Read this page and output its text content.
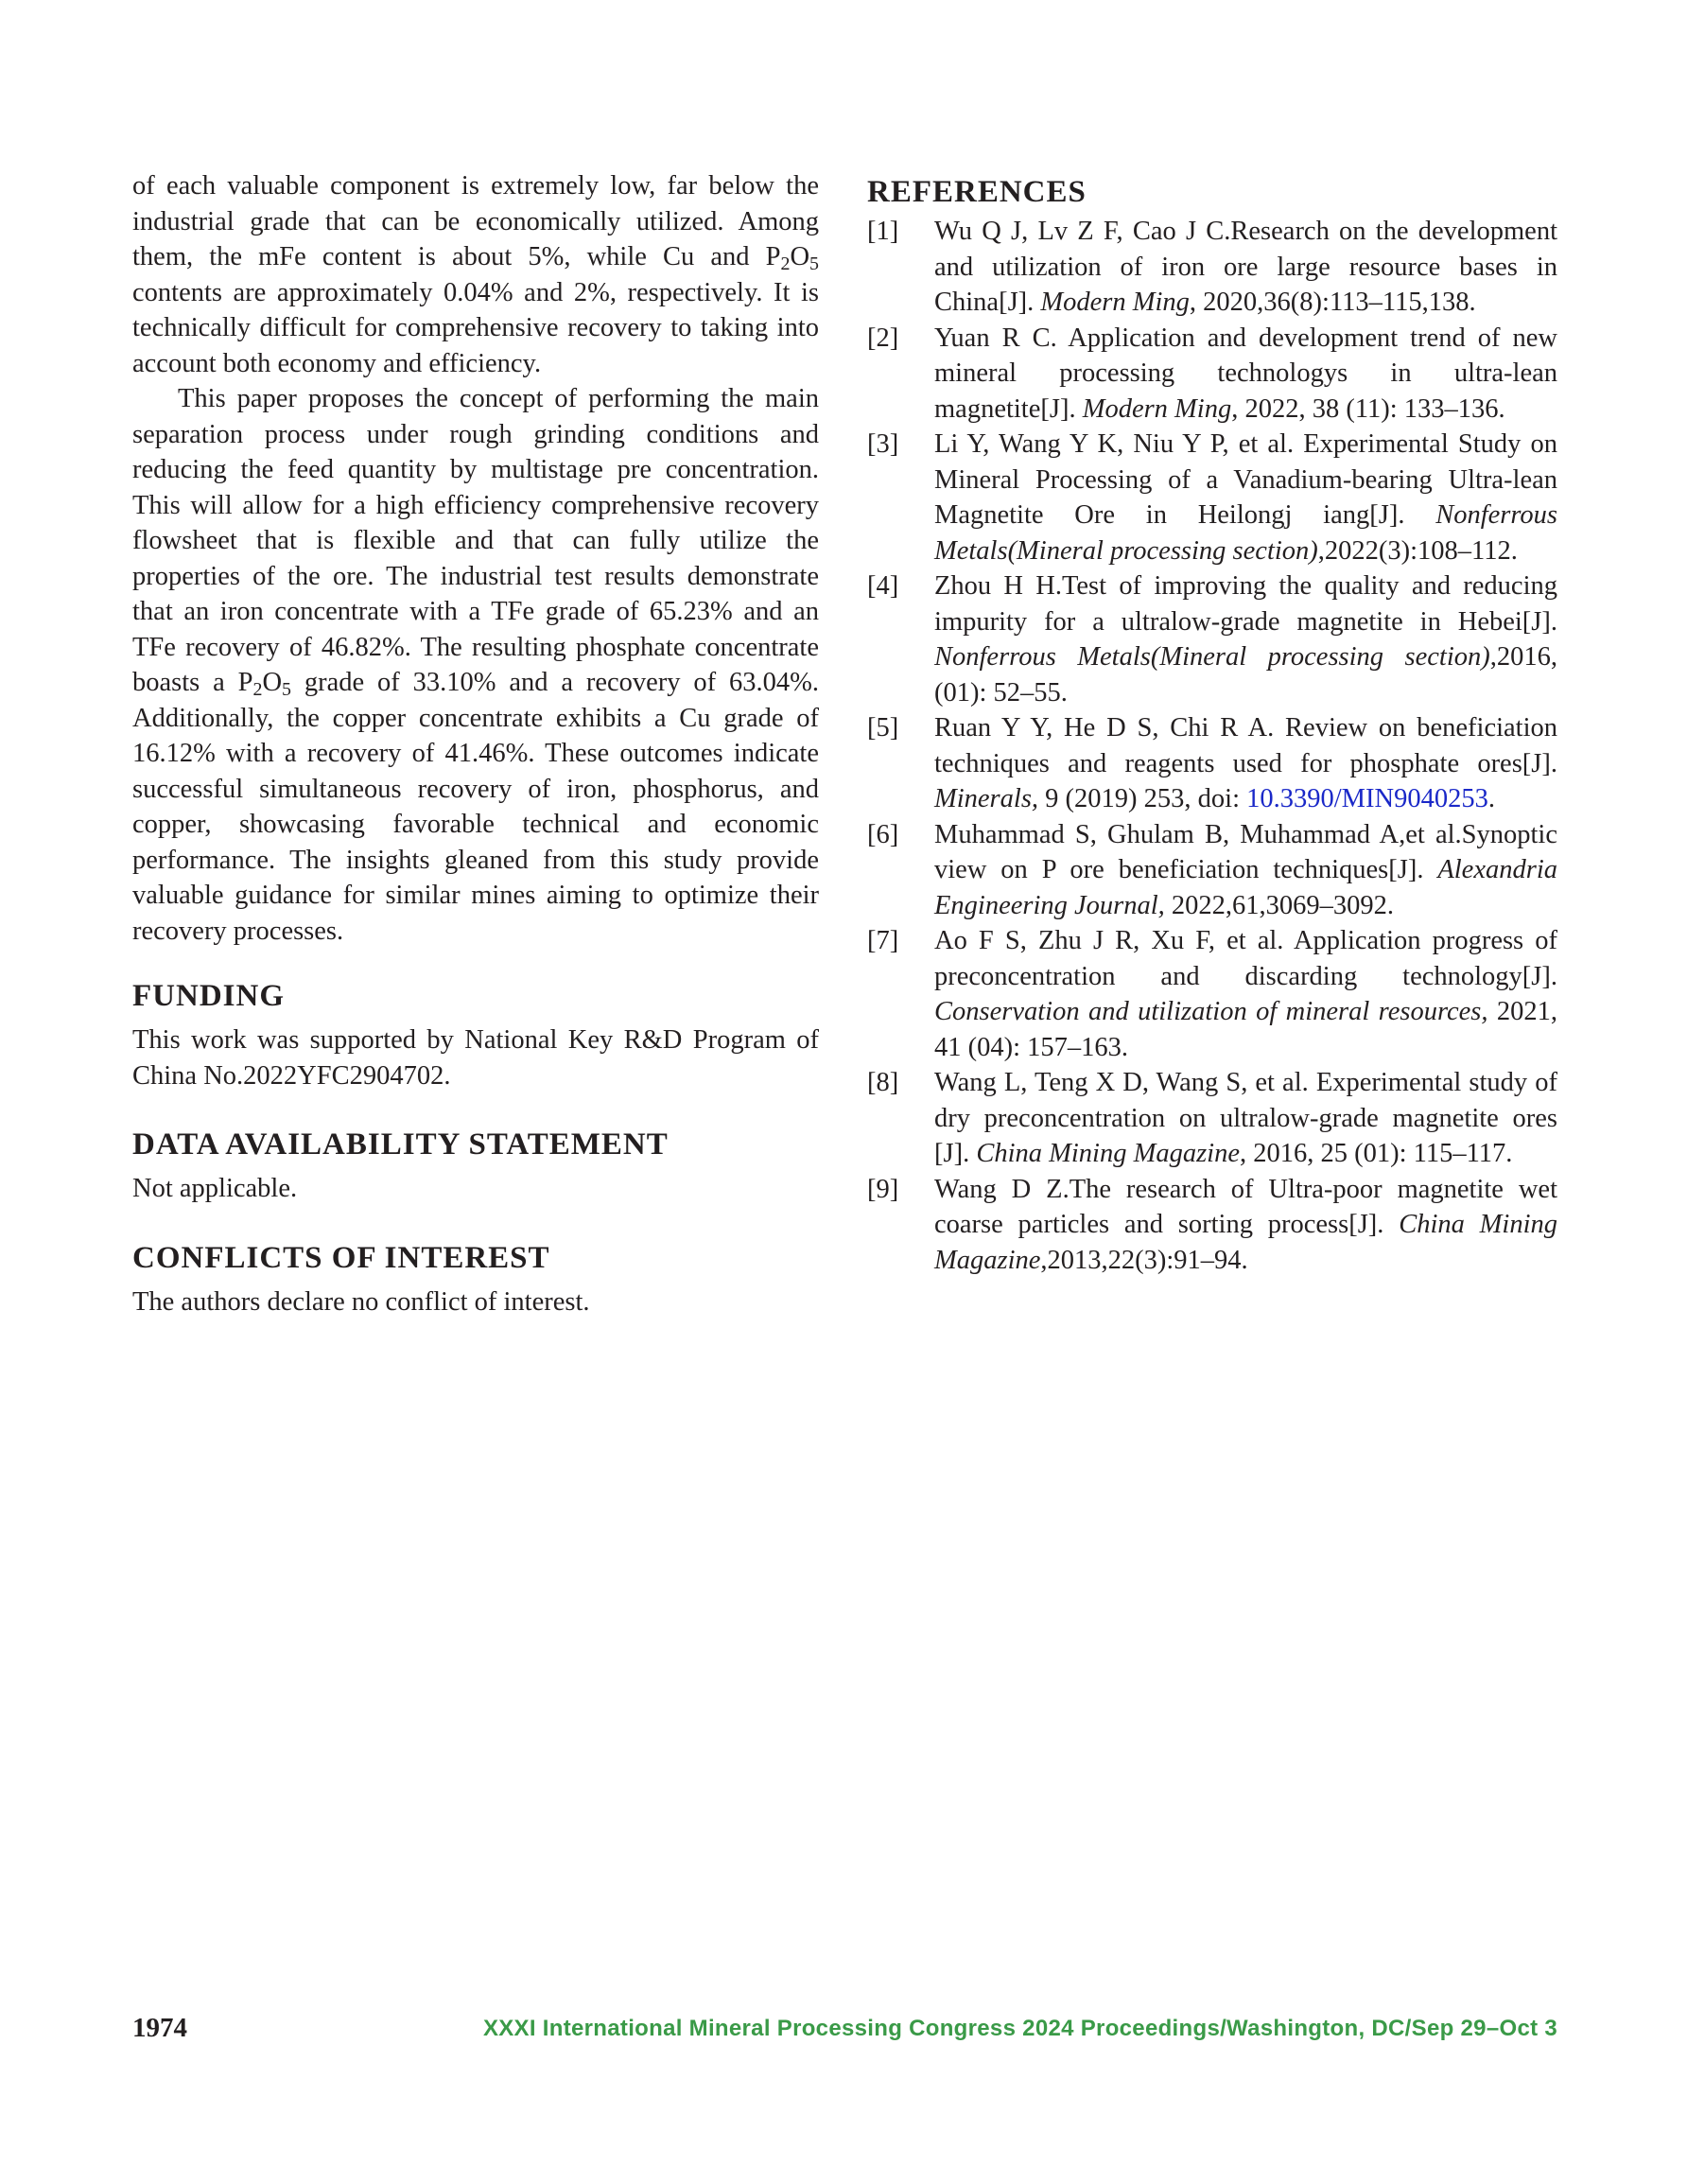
of each valuable component is extremely low, far below the industrial grade that can be economically utilized. Among them, the mFe content is about 5%, while Cu and $P_2O_5$ contents are approximately 0.04% and 2%, respectively. It is technically difficult for comprehensive recovery to taking into account both economy and efficiency.

This paper proposes the concept of performing the main separation process under rough grinding conditions and reducing the feed quantity by multistage pre concentration. This will allow for a high efficiency comprehensive recovery flowsheet that is flexible and that can fully utilize the properties of the ore. The industrial test results demonstrate that an iron concentrate with a TFe grade of 65.23% and an TFe recovery of 46.82%. The resulting phosphate concentrate boasts a $P_2O_5$ grade of 33.10% and a recovery of 63.04%. Additionally, the copper concentrate exhibits a Cu grade of 16.12% with a recovery of 41.46%. These outcomes indicate successful simultaneous recovery of iron, phosphorus, and copper, showcasing favorable technical and economic performance. The insights gleaned from this study provide valuable guidance for similar mines aiming to optimize their recovery processes.

FUNDING

This work was supported by National Key R&D Program of China No.2022YFC2904702.

DATA AVAILABILITY STATEMENT

Not applicable.

CONFLICTS OF INTEREST

The authors declare no conflict of interest.

REFERENCES
[1]	Wu Q J, Lv Z F, Cao J C.Research on the development and utilization of iron ore large resource bases in China[J]. Modern Ming, 2020,36(8):113–115,138.
[2]	Yuan R C. Application and development trend of new mineral processing technologys in ultra-lean magnetite[J]. Modern Ming, 2022, 38 (11): 133–136.
[3]	Li Y, Wang Y K, Niu Y P, et al. Experimental Study on Mineral Processing of a Vanadium-bearing Ultra-lean Magnetite Ore in Heilongj iang[J]. Nonferrous Metals(Mineral processing section),2022(3):108–112.
[4]	Zhou H H.Test of improving the quality and reducing impurity for a ultralow-grade magnetite in Hebei[J]. Nonferrous Metals(Mineral processing section),2016, (01): 52–55.
[5]	Ruan Y Y, He D S, Chi R A. Review on beneficiation techniques and reagents used for phosphate ores[J]. Minerals, 9 (2019) 253, doi: 10.3390/MIN9040253.
[6]	Muhammad S, Ghulam B, Muhammad A,et al.Synoptic view on P ore beneficiation techniques[J]. Alexandria Engineering Journal, 2022,61,3069–3092.
[7]	Ao F S, Zhu J R, Xu F, et al. Application progress of preconcentration and discarding technology[J]. Conservation and utilization of mineral resources, 2021, 41 (04): 157–163.
[8]	Wang L, Teng X D, Wang S, et al. Experimental study of dry preconcentration on ultralow-grade magnetite ores [J]. China Mining Magazine, 2016, 25 (01): 115–117.
[9]	Wang D Z.The research of Ultra-poor magnetite wet coarse particles and sorting process[J]. China Mining Magazine,2013,22(3):91–94.
1974	XXXI International Mineral Processing Congress 2024 Proceedings/Washington, DC/Sep 29–Oct 3
